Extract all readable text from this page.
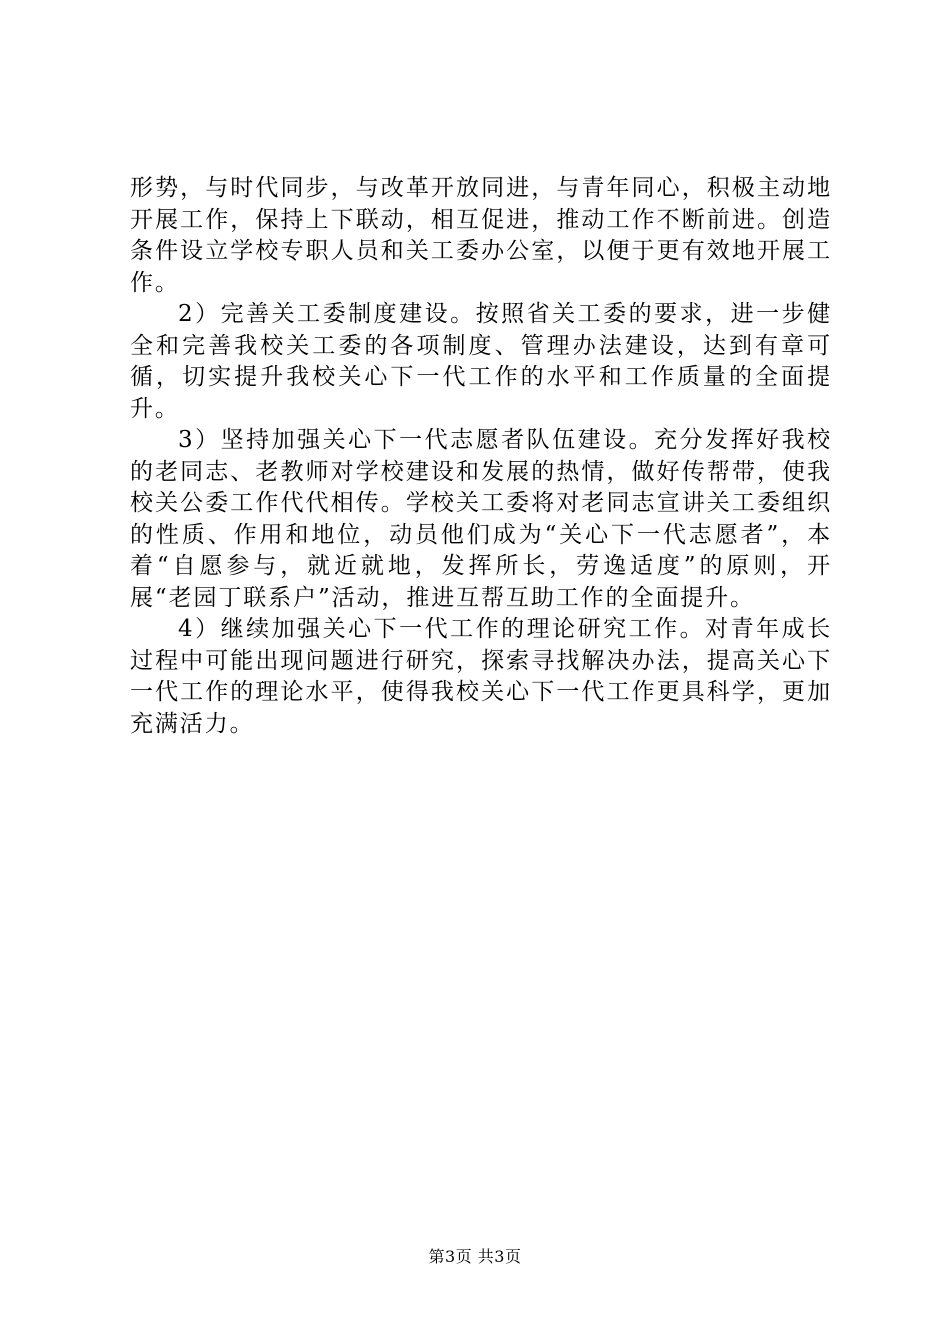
形势，与时代同步，与改革开放同进，与青年同心，积极主动地开展工作，保持上下联动，相互促进，推动工作不断前进。创造条件设立学校专职人员和关工委办公室，以便于更有效地开展工作。

2）完善关工委制度建设。按照省关工委的要求，进一步健全和完善我校关工委的各项制度、管理办法建设，达到有章可循，切实提升我校关心下一代工作的水平和工作质量的全面提升。

3）坚持加强关心下一代志愿者队伍建设。充分发挥好我校的老同志、老教师对学校建设和发展的热情，做好传帮带，使我校关公委工作代代相传。学校关工委将对老同志宣讲关工委组织的性质、作用和地位，动员他们成为“关心下一代志愿者”，本着“自愿参与，就近就地，发挥所长，劳逸适度”的原则，开展“老园丁联系户”活动，推进互帮互助工作的全面提升。

4）继续加强关心下一代工作的理论研究工作。对青年成长过程中可能出现问题进行研究，探索寻找解决办法，提高关心下一代工作的理论水平，使得我校关心下一代工作更具科学，更加充满活力。

第3页 共3页
